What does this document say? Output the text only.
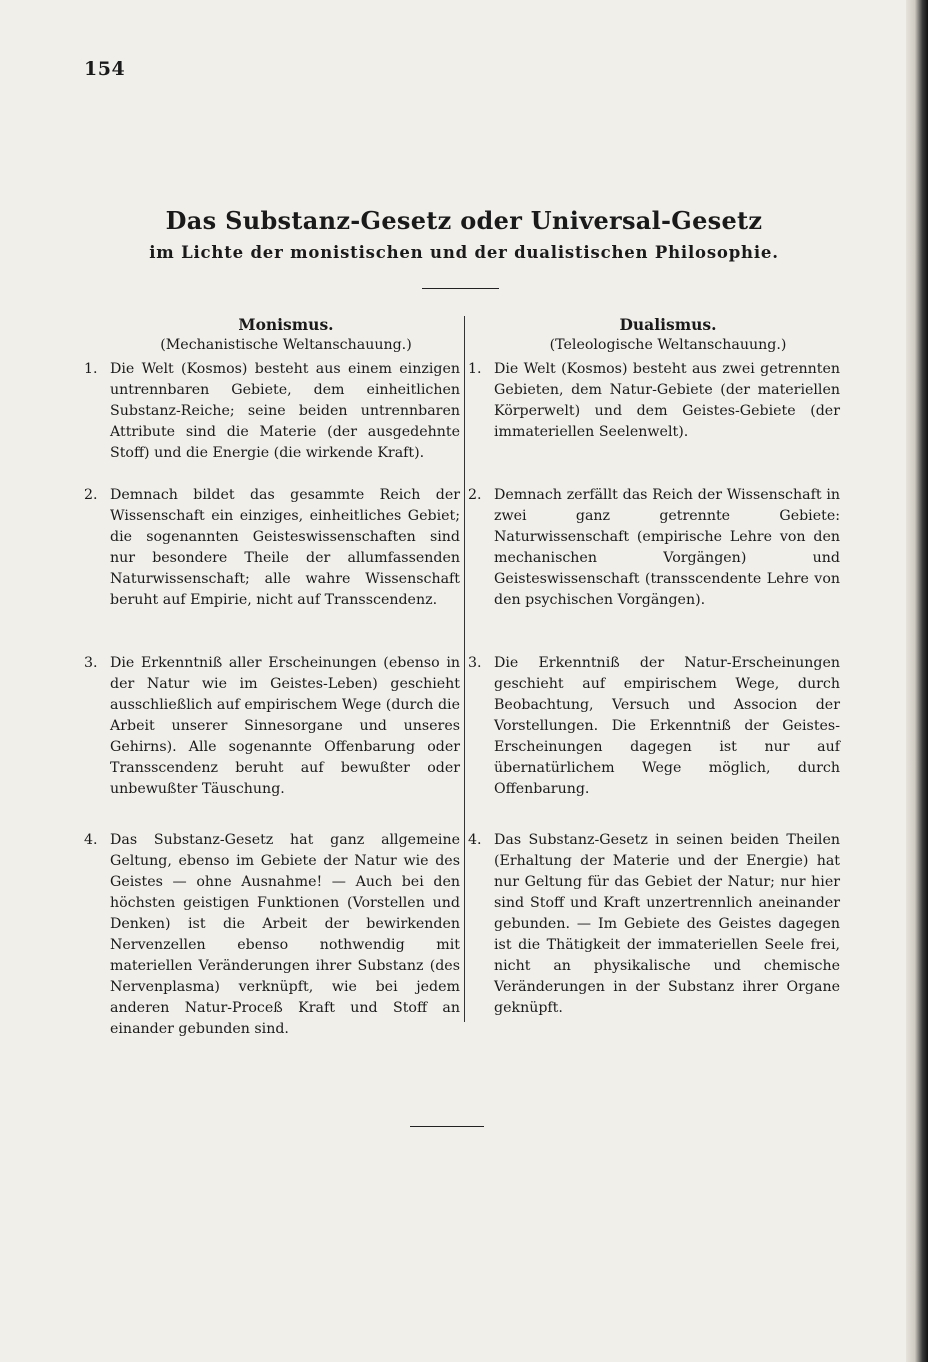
154
Das Substanz-Gesetz oder Universal-Gesetz
im Lichte der monistischen und der dualistischen Philosophie.
Monismus.
(Mechanistische Weltanschauung.)
1. Die Welt (Kosmos) besteht aus einem einzigen untrennbaren Gebiete, dem einheitlichen Substanz-Reiche; seine beiden untrennbaren Attribute sind die Materie (der ausgedehnte Stoff) und die Energie (die wirkende Kraft).
2. Demnach bildet das gesammte Reich der Wissenschaft ein einziges, einheitliches Gebiet; die sogenannten Geisteswissenschaften sind nur besondere Theile der allumfassenden Naturwissenschaft; alle wahre Wissenschaft beruht auf Empirie, nicht auf Transscendenz.
3. Die Erkenntniß aller Erscheinungen (ebenso in der Natur wie im Geistes-Leben) geschieht ausschließlich auf empirischem Wege (durch die Arbeit unserer Sinnesorgane und unseres Gehirns). Alle sogenannte Offenbarung oder Transscendenz beruht auf bewußter oder unbewußter Täuschung.
4. Das Substanz-Gesetz hat ganz allgemeine Geltung, ebenso im Gebiete der Natur wie des Geistes — ohne Ausnahme! — Auch bei den höchsten geistigen Funktionen (Vorstellen und Denken) ist die Arbeit der bewirkenden Nervenzellen ebenso nothwendig mit materiellen Veränderungen ihrer Substanz (des Nervenplasma) verknüpft, wie bei jedem anderen Natur-Proceß Kraft und Stoff an einander gebunden sind.
Dualismus.
(Teleologische Weltanschauung.)
1. Die Welt (Kosmos) besteht aus zwei getrennten Gebieten, dem Natur-Gebiete (der materiellen Körperwelt) und dem Geistes-Gebiete (der immateriellen Seelenwelt).
2. Demnach zerfällt das Reich der Wissenschaft in zwei ganz getrennte Gebiete: Naturwissenschaft (empirische Lehre von den mechanischen Vorgängen) und Geisteswissenschaft (transscendente Lehre von den psychischen Vorgängen).
3. Die Erkenntniß der Natur-Erscheinungen geschieht auf empirischem Wege, durch Beobachtung, Versuch und Associon der Vorstellungen. Die Erkenntniß der Geistes-Erscheinungen dagegen ist nur auf übernatürlichem Wege möglich, durch Offenbarung.
4. Das Substanz-Gesetz in seinen beiden Theilen (Erhaltung der Materie und der Energie) hat nur Geltung für das Gebiet der Natur; nur hier sind Stoff und Kraft unzertrennlich aneinander gebunden. — Im Gebiete des Geistes dagegen ist die Thätigkeit der immateriellen Seele frei, nicht an physikalische und chemische Veränderungen in der Substanz ihrer Organe geknüpft.
